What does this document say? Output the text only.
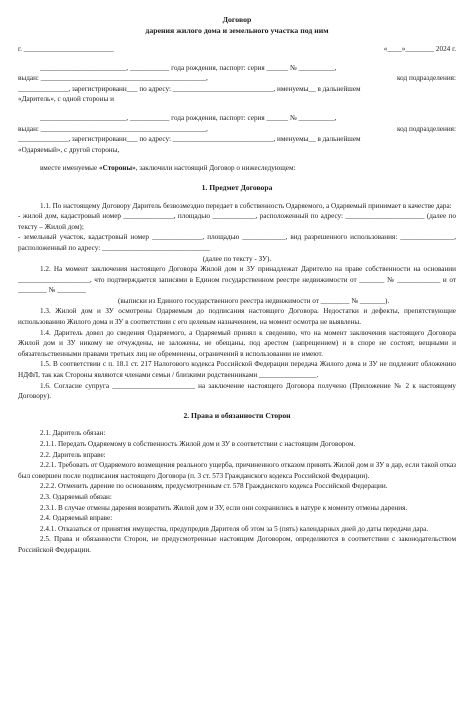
Договор
дарения жилого дома и земельного участка под ним
г. _________________________	«____»________ 2024 г.

________________________, ___________ года рождения, паспорт: серия ______ № __________,

выдан: ______________________________________________,	код подразделения:

______________, зарегистрированн___ по адресу: ____________________________, именуемы__ в дальнейшем

«Даритель», с одной стороны и

________________________, ___________ года рождения, паспорт: серия ______ № __________,

выдан: ______________________________________________,	код подразделения:

______________, зарегистрированн___ по адресу: ____________________________, именуемы__ в дальнейшем

«Одаряемый», с другой стороны,

вместе именуемые «Стороны», заключили настоящий Договор о нижеследующем:

1. Предмет Договора

1.1. По настоящему Договору Даритель безвозмездно передает в собственность Одаряемого, а Одаряемый принимает в качестве дара:

- жилой дом, кадастровый номер ______________, площадью ____________, расположенный по адресу: ______________________ (далее по тексту – Жилой дом);

- земельный участок, кадастровый номер ______________, площадью ____________, вид разрешенного использования: _______________, расположенный по адресу: ______________________________

(далее по тексту - ЗУ).

1.2. На момент заключения настоящего Договора Жилой дом и ЗУ принадлежат Дарителю на праве собственности на основании ____________________, что подтверждается записями в Едином государственном реестре недвижимости от _______ № ____________ и от ________ № ________

(выписки из Единого государственного реестра недвижимости от ________ № _______).

1.3. Жилой дом и ЗУ осмотрены Одаряемым до подписания настоящего Договора. Недостатки и дефекты, препятствующие использованию Жилого дома и ЗУ в соответствии с его целевым назначением, на момент осмотра не выявлены.

1.4. Даритель довел до сведения Одаряемого, а Одаряемый принял к сведению, что на момент заключения настоящего Договора Жилой дом и ЗУ никому не отчуждены, не заложены, не обещаны, под арестом (запрещением) и в споре не состоят, вещными и обязательственными правами третьих лиц не обременены, ограничений в использовании не имеют.

1.5. В соответствии с п. 18.1 ст. 217 Налогового кодекса Российской Федерации передача Жилого дома и ЗУ не подлежит обложению НДФЛ, так как Стороны являются членами семьи / близкими родственниками ________________.

1.6. Согласие супруга _______________________ на заключение настоящего Договора получено (Приложение № 2 к настоящему Договору).

2. Права и обязанности Сторон

2.1. Даритель обязан:

2.1.1. Передать Одаряемому в собственность Жилой дом и ЗУ в соответствии с настоящим Договором.

2.2. Даритель вправе:

2.2.1. Требовать от Одаряемого возмещения реального ущерба, причиненного отказом принять Жилой дом и ЗУ в дар, если такой отказ был совершен после подписания настоящего Договора (п. 3 ст. 573 Гражданского кодекса Российской Федерации).

2.2.2. Отменить дарение по основаниям, предусмотренным ст. 578 Гражданского кодекса Российской Федерации.

2.3. Одаряемый обязан:

2.3.1. В случае отмены дарения возвратить Жилой дом и ЗУ, если они сохранились в натуре к моменту отмены дарения.

2.4. Одаряемый вправе:

2.4.1. Отказаться от принятия имущества, предупредив Дарителя об этом за 5 (пять) календарных дней до даты передачи дара.

2.5. Права и обязанности Сторон, не предусмотренные настоящим Договором, определяются в соответствии с законодательством Российской Федерации.
